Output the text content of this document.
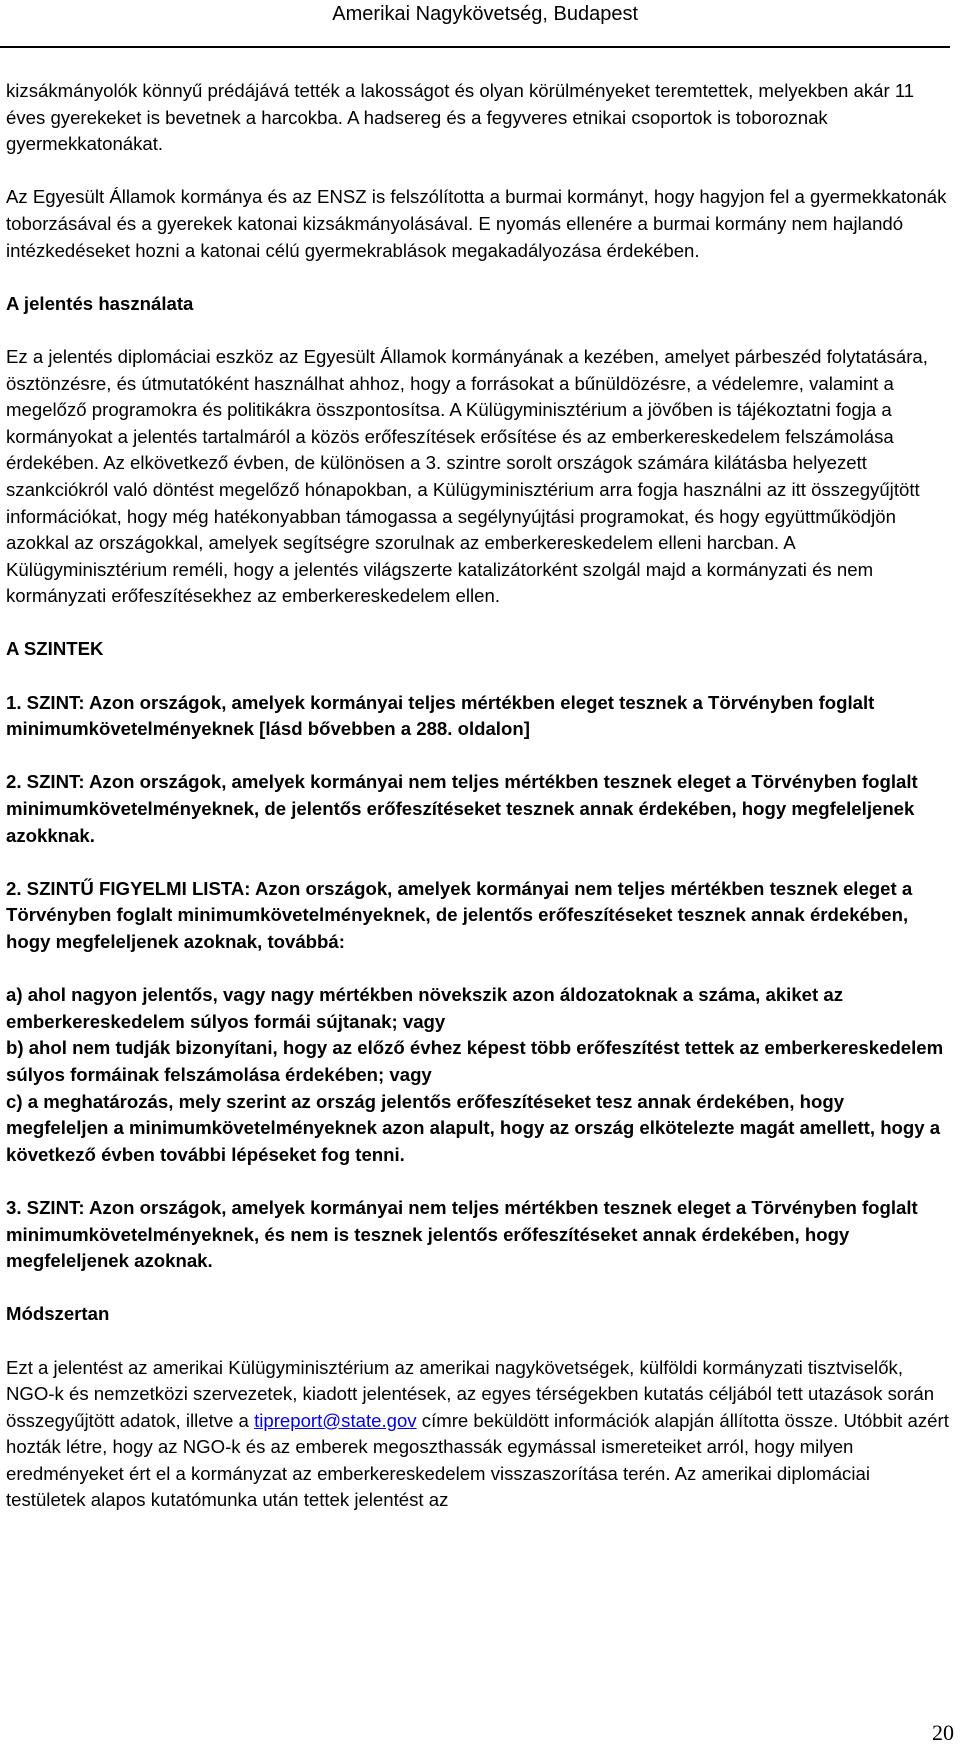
Amerikai Nagykövetség, Budapest

kizsákmányolók könnyű prédájává tették a lakosságot és olyan körülményeket teremtettek, melyekben akár 11 éves gyerekeket is bevetnek a harcokba. A hadsereg és a fegyveres etnikai csoportok is toboroznak gyermekkatonákat.

Az Egyesült Államok kormánya és az ENSZ is felszólította a burmai kormányt, hogy hagyjon fel a gyermekkatonák toborzásával és a gyerekek katonai kizsákmányolásával. E nyomás ellenére a burmai kormány nem hajlandó intézkedéseket hozni a katonai célú gyermekrablások megakadályozása érdekében.

A jelentés használata

Ez a jelentés diplomáciai eszköz az Egyesült Államok kormányának a kezében, amelyet párbeszéd folytatására, ösztönzésre, és útmutatóként használhat ahhoz, hogy a forrásokat a bűnüldözésre, a védelemre, valamint a megelőző programokra és politikákra összpontosítsa. A Külügyminisztérium a jövőben is tájékoztatni fogja a kormányokat a jelentés tartalmáról a közös erőfeszítések erősítése és az emberkereskedelem felszámolása érdekében. Az elkövetkező évben, de különösen a 3. szintre sorolt országok számára kilátásba helyezett szankciókról való döntést megelőző hónapokban, a Külügyminisztérium arra fogja használni az itt összegyűjtött információkat, hogy még hatékonyabban támogassa a segélynyújtási programokat, és hogy együttműködjön azokkal az országokkal, amelyek segítségre szorulnak az emberkereskedelem elleni harcban. A Külügyminisztérium reméli, hogy a jelentés világszerte katalizátorként szolgál majd a kormányzati és nem kormányzati erőfeszítésekhez az emberkereskedelem ellen.

A SZINTEK

1. SZINT: Azon országok, amelyek kormányai teljes mértékben eleget tesznek a Törvényben foglalt minimumkövetelményeknek [lásd bővebben a 288. oldalon]

2. SZINT: Azon országok, amelyek kormányai nem teljes mértékben tesznek eleget a Törvényben foglalt minimumkövetelményeknek, de jelentős erőfeszítéseket tesznek annak érdekében, hogy megfeleljenek azokknak.

2. SZINTŰ FIGYELMI LISTA: Azon országok, amelyek kormányai nem teljes mértékben tesznek eleget a Törvényben foglalt minimumkövetelményeknek, de jelentős erőfeszítéseket tesznek annak érdekében, hogy megfeleljenek azoknak, továbbá:

a) ahol nagyon jelentős, vagy nagy mértékben növekszik azon áldozatoknak a száma, akiket az emberkereskedelem súlyos formái sújtanak; vagy
b) ahol nem tudják bizonyítani, hogy az előző évhez képest több erőfeszítést tettek az emberkereskedelem súlyos formáinak felszámolása érdekében; vagy
c) a meghatározás, mely szerint az ország jelentős erőfeszítéseket tesz annak érdekében, hogy megfeleljen a minimumkövetelményeknek azon alapult, hogy az ország elkötelezte magát amellett, hogy a következő évben további lépéseket fog tenni.

3. SZINT: Azon országok, amelyek kormányai nem teljes mértékben tesznek eleget a Törvényben foglalt minimumkövetelményeknek, és nem is tesznek jelentős erőfeszítéseket annak érdekében, hogy megfeleljenek azoknak.

Módszertan

Ezt a jelentést az amerikai Külügyminisztérium az amerikai nagykövetségek, külföldi kormányzati tisztviselők, NGO-k és nemzetközi szervezetek, kiadott jelentések, az egyes térségekben kutatás céljából tett utazások során összegyűjtött adatok, illetve a tipreport@state.gov címre beküldött információk alapján állította össze. Utóbbit azért hozták létre, hogy az NGO-k és az emberek megoszthassák egymással ismereteiket arról, hogy milyen eredményeket ért el a kormányzat az emberkereskedelem visszaszorítása terén. Az amerikai diplomáciai testületek alapos kutatómunka után tettek jelentést az

20
